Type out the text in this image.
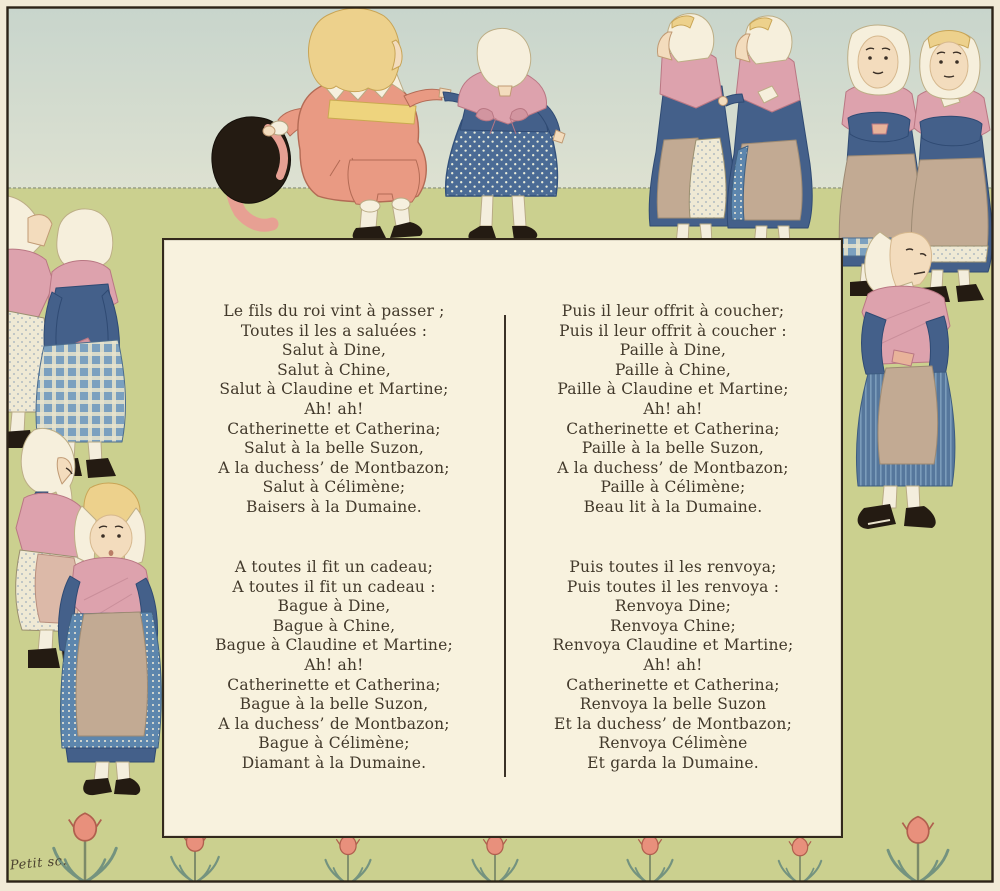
Le fils du roi vint à passer ;
Toutes il les a saluées :
Salut à Dine,
Salut à Chine,
Salut à Claudine et Martine;
Ah! ah!
Catherinette et Catherina;
Salut à la belle Suzon,
A la duchess’ de Montbazon;
Salut à Célimène;
Baisers à la Dumaine.
A toutes il fit un cadeau;
A toutes il fit un cadeau :
Bague à Dine,
Bague à Chine,
Bague à Claudine et Martine;
Ah! ah!
Catherinette et Catherina;
Bague à la belle Suzon,
A la duchess’ de Montbazon;
Bague à Célimène;
Diamant à la Dumaine.
Puis il leur offrit à coucher;
Puis il leur offrit à coucher :
Paille à Dine,
Paille à Chine,
Paille à Claudine et Martine;
Ah! ah!
Catherinette et Catherina;
Paille à la belle Suzon,
A la duchess’ de Montbazon;
Paille à Célimène;
Beau lit à la Dumaine.
Puis toutes il les renvoya;
Puis toutes il les renvoya :
Renvoya Dine;
Renvoya Chine;
Renvoya Claudine et Martine;
Ah! ah!
Catherinette et Catherina;
Renvoya la belle Suzon
Et la duchess’ de Montbazon;
Renvoya Célimène
Et garda la Dumaine.
Petit sc.
